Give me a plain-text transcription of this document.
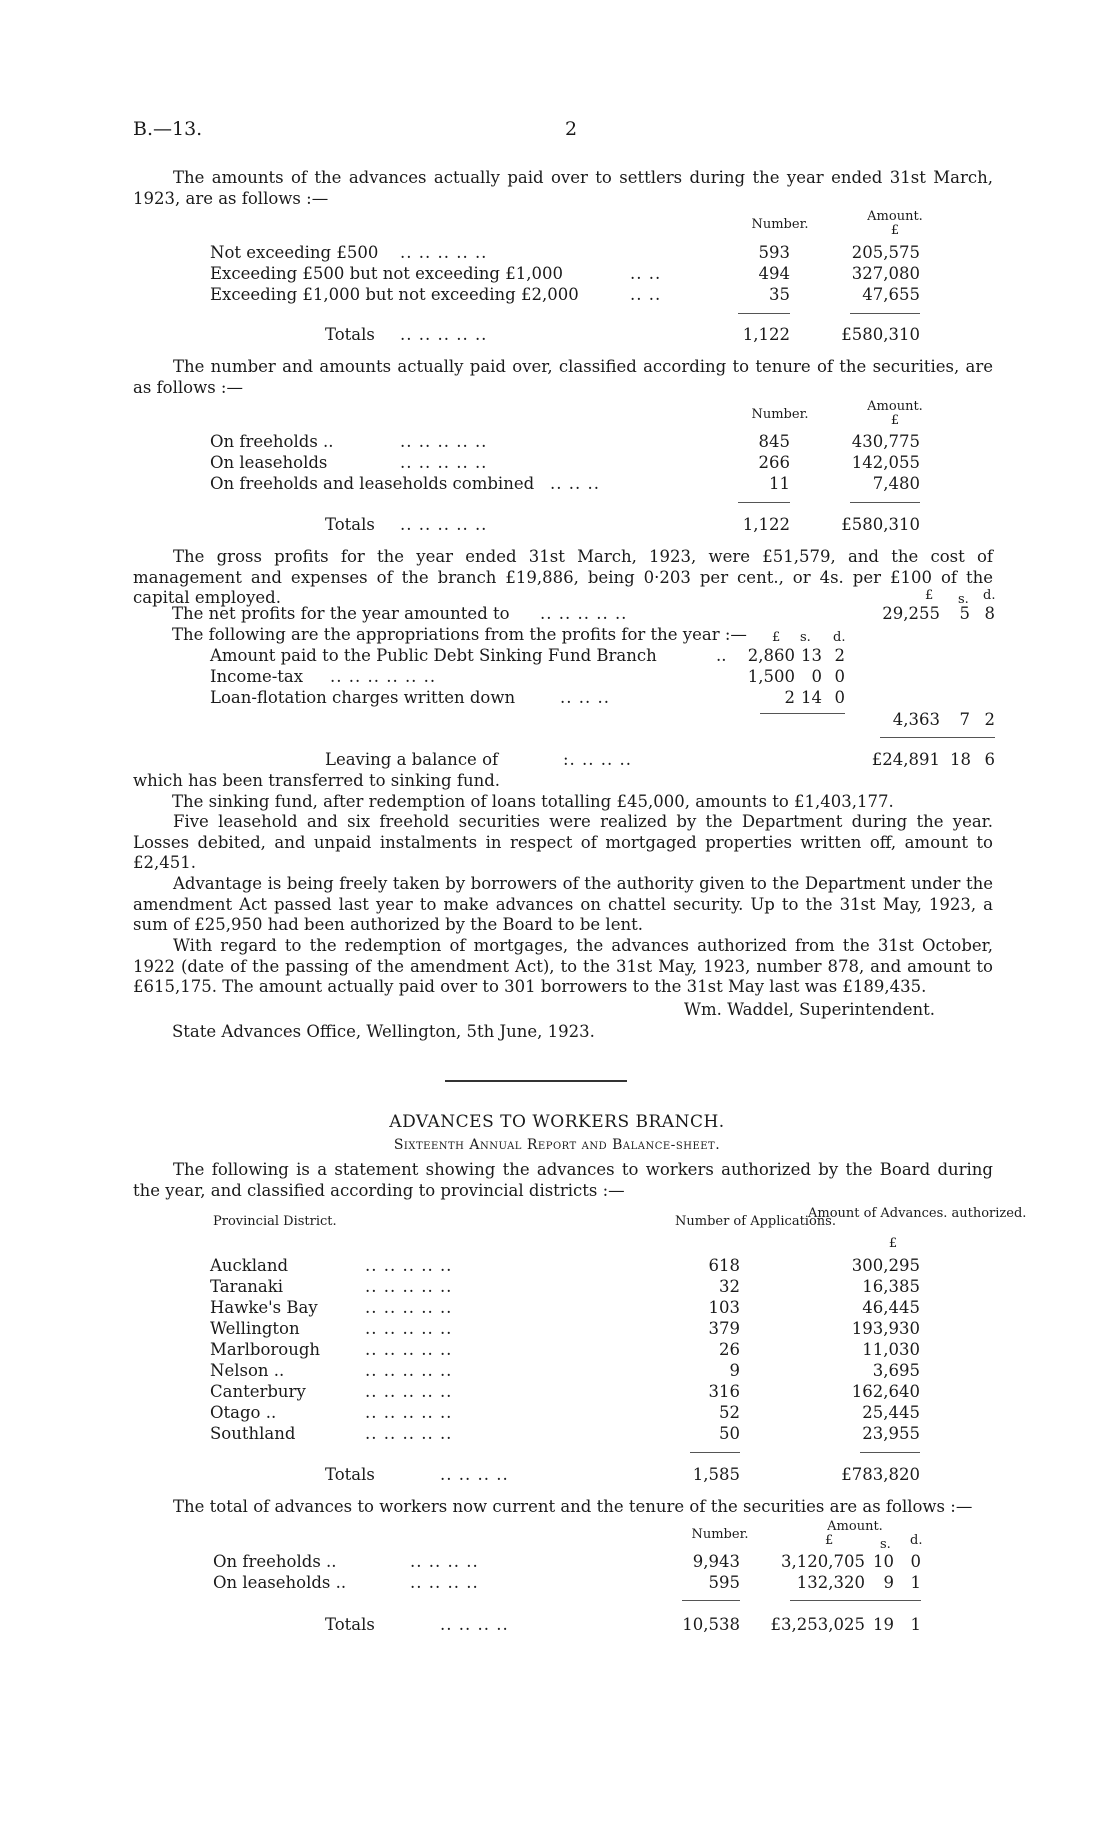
B.—13.	2
The amounts of the advances actually paid over to settlers during the year ended 31st March, 1923, are as follows :—
Number.
Amount.
£
Not exceeding £500 .. .. .. .. ..	593	205,575
Exceeding £500 but not exceeding £1,000	.. ..	494	327,080
Exceeding £1,000 but not exceeding £2,000	.. ..	35	47,655
Totals .. .. .. .. ..	1,122	£580,310
The number and amounts actually paid over, classified according to tenure of the securities, are as follows :—
Number.
Amount.
£
On freeholds ..	.. .. .. .. ..	845	430,775
On leaseholds	.. .. .. .. ..	266	142,055
On freeholds and leaseholds combined .. .. ..	11	7,480
Totals .. .. .. .. ..	1,122	£580,310
The gross profits for the year ended 31st March, 1923, were £51,579, and the cost of management and expenses of the branch £19,886, being 0·203 per cent., or 4s. per £100 of the capital employed.	£ s. d.
The net profits for the year amounted to .. .. .. .. ..	29,255	5 8
The following are the appropriations from the profits for the year :— £ s. d.
Amount paid to the Public Debt Sinking Fund Branch	..	2,860 13 2
Income-tax .. .. .. .. .. ..	1,500	0 0
Loan-flotation charges written down	.. .. ..	2 14 0
4,363	7 2
Leaving a balance of	:. .. .. ..	£24,891 18 6
which has been transferred to sinking fund.
The sinking fund, after redemption of loans totalling £45,000, amounts to £1,403,177.
Five leasehold and six freehold securities were realized by the Department during the year. Losses debited, and unpaid instalments in respect of mortgaged properties written off, amount to £2,451.
Advantage is being freely taken by borrowers of the authority given to the Department under the amendment Act passed last year to make advances on chattel security. Up to the 31st May, 1923, a sum of £25,950 had been authorized by the Board to be lent.
With regard to the redemption of mortgages, the advances authorized from the 31st October, 1922 (date of the passing of the amendment Act), to the 31st May, 1923, number 878, and amount to £615,175. The amount actually paid over to 301 borrowers to the 31st May last was £189,435.
Wm. Waddel, Superintendent.
State Advances Office, Wellington, 5th June, 1923.
ADVANCES TO WORKERS BRANCH.
Sixteenth Annual Report and Balance-sheet.
The following is a statement showing the advances to workers authorized by the Board during the year, and classified according to provincial districts :—
Provincial District.	Number of Applications.
Amount of Advances. authorized.
£
Auckland	.. .. .. .. ..	618	300,295
Taranaki	.. .. .. .. ..	32	16,385
Hawke's Bay	.. .. .. .. ..	103	46,445
Wellington	.. .. .. .. ..	379	193,930
Marlborough	.. .. .. .. ..	26	11,030
Nelson ..	.. .. .. .. ..	9	3,695
Canterbury	.. .. .. .. ..	316	162,640
Otago ..	.. .. .. .. ..	52	25,445
Southland	.. .. .. .. ..	50	23,955
Totals	.. .. .. ..	1,585	£783,820
The total of advances to workers now current and the tenure of the securities are as follows :—
Number.
Amount.
£	s. d.
On freeholds ..	.. .. .. ..	9,943	3,120,705 10	0
On leaseholds ..	.. .. .. ..	595	132,320	9	1
Totals	.. .. .. ..	10,538	£3,253,025 19	1
